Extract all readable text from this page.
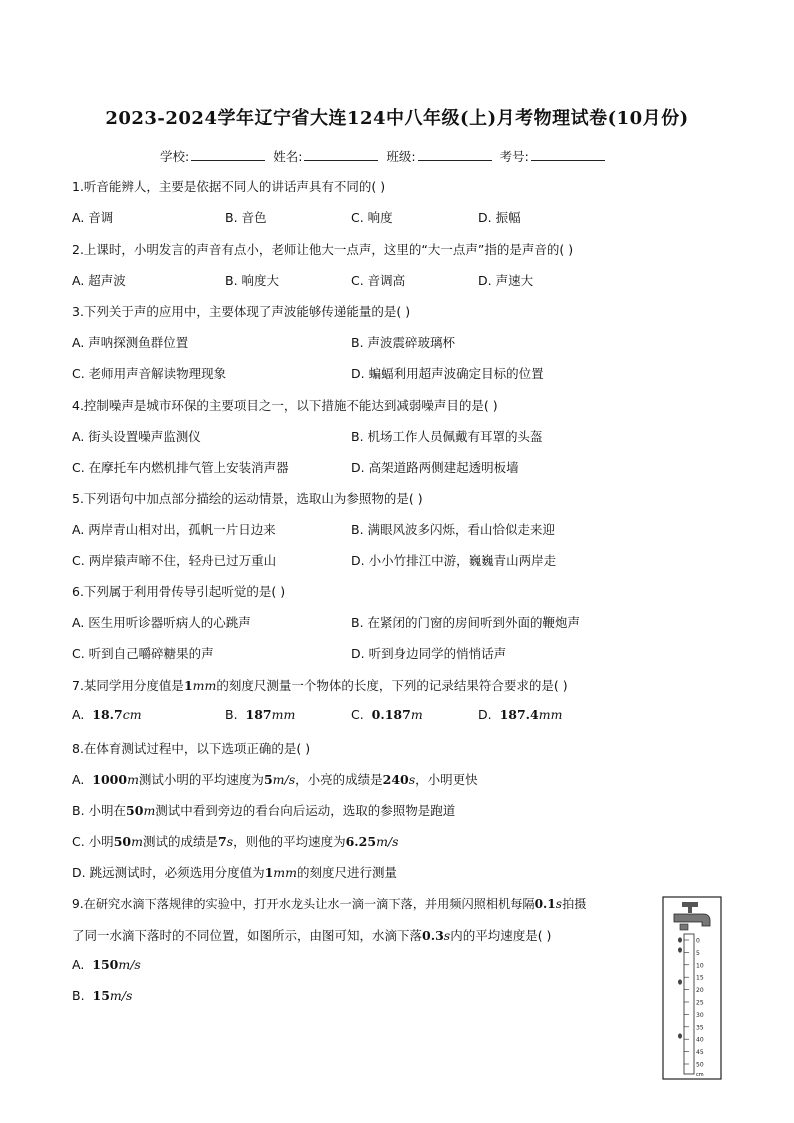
2023-2024学年辽宁省大连124中八年级(上)月考物理试卷(10月份)
学校:	姓名:	班级:	考号:
1.听音能辨人，主要是依据不同人的讲话声具有不同的( )
A. 音调	B. 音色	C. 响度	D. 振幅
2.上课时，小明发言的声音有点小，老师让他大一点声，这里的“大一点声”指的是声音的( )
A. 超声波	B. 响度大	C. 音调高	D. 声速大
3.下列关于声的应用中，主要体现了声波能够传递能量的是( )
A. 声呐探测鱼群位置	B. 声波震碎玻璃杯
C. 老师用声音解读物理现象	D. 蝙蝠利用超声波确定目标的位置
4.控制噪声是城市环保的主要项目之一，以下措施不能达到减弱噪声目的是( )
A. 街头设置噪声监测仪	B. 机场工作人员佩戴有耳罩的头盔
C. 在摩托车内燃机排气管上安装消声器	D. 高架道路两侧建起透明板墙
5.下列语句中加点部分描绘的运动情景，选取山为参照物的是( )
A. 两岸青山相对出，孤帆一片日边来	B. 满眼风波多闪烁，看山恰似走来迎
C. 两岸猿声啼不住，轻舟已过万重山	D. 小小竹排江中游，巍巍青山两岸走
6.下列属于利用骨传导引起听觉的是( )
A. 医生用听诊器听病人的心跳声	B. 在紧闭的门窗的房间听到外面的鞭炮声
C. 听到自己嚼碎糖果的声	D. 听到身边同学的悄悄话声
7.某同学用分度值是1mm的刻度尺测量一个物体的长度，下列的记录结果符合要求的是( )
A. 18.7cm	B. 187mm	C. 0.187m	D. 187.4mm
8.在体育测试过程中，以下选项正确的是( )
A. 1000m测试小明的平均速度为5m/s，小亮的成绩是240s，小明更快
B. 小明在50m测试中看到旁边的看台向后运动，选取的参照物是跑道
C. 小明50m测试的成绩是7s，则他的平均速度为6.25m/s
D. 跳远测试时，必须选用分度值为1mm的刻度尺进行测量
9.在研究水滴下落规律的实验中，打开水龙头让水一滴一滴下落，并用频闪照相机每隔0.1s拍摄
了同一水滴下落时的不同位置，如图所示，由图可知，水滴下落0.3s内的平均速度是( )
A. 150m/s
B. 15m/s
0
5
10
15
20
25
30
35
40
45
50
cm
